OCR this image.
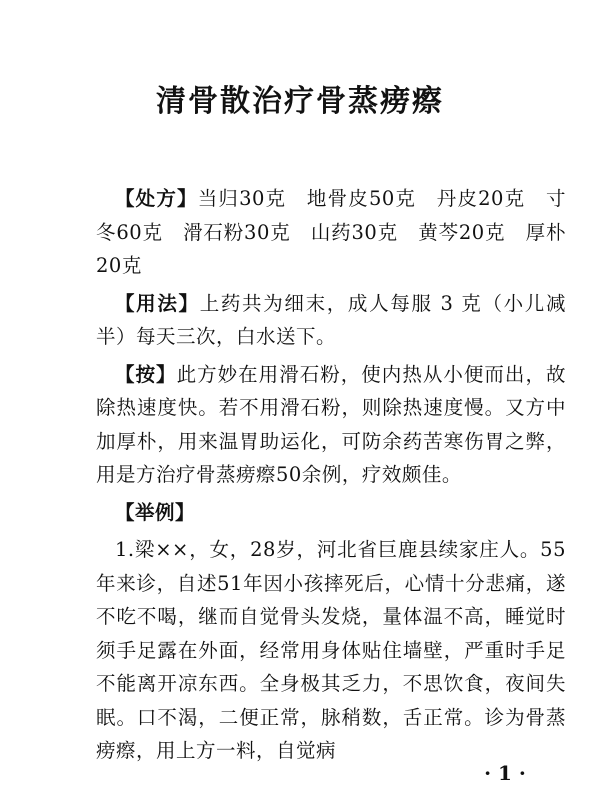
清骨散治疗骨蒸痨瘵

【处方】当归30克　地骨皮50克　丹皮20克　寸冬60克　滑石粉30克　山药30克　黄芩20克　厚朴20克

【用法】上药共为细末，成人每服 3 克（小儿减半）每天三次，白水送下。

【按】此方妙在用滑石粉，使内热从小便而出，故除热速度快。若不用滑石粉，则除热速度慢。又方中加厚朴，用来温胃助运化，可防余药苦寒伤胃之弊，用是方治疗骨蒸痨瘵50余例，疗效颇佳。

【举例】

1.梁××，女，28岁，河北省巨鹿县续家庄人。55年来诊，自述51年因小孩摔死后，心情十分悲痛，遂不吃不喝，继而自觉骨头发烧，量体温不高，睡觉时须手足露在外面，经常用身体贴住墙壁，严重时手足不能离开凉东西。全身极其乏力，不思饮食，夜间失眠。口不渴，二便正常，脉稍数，舌正常。诊为骨蒸痨瘵，用上方一料，自觉病

· 1 ·
